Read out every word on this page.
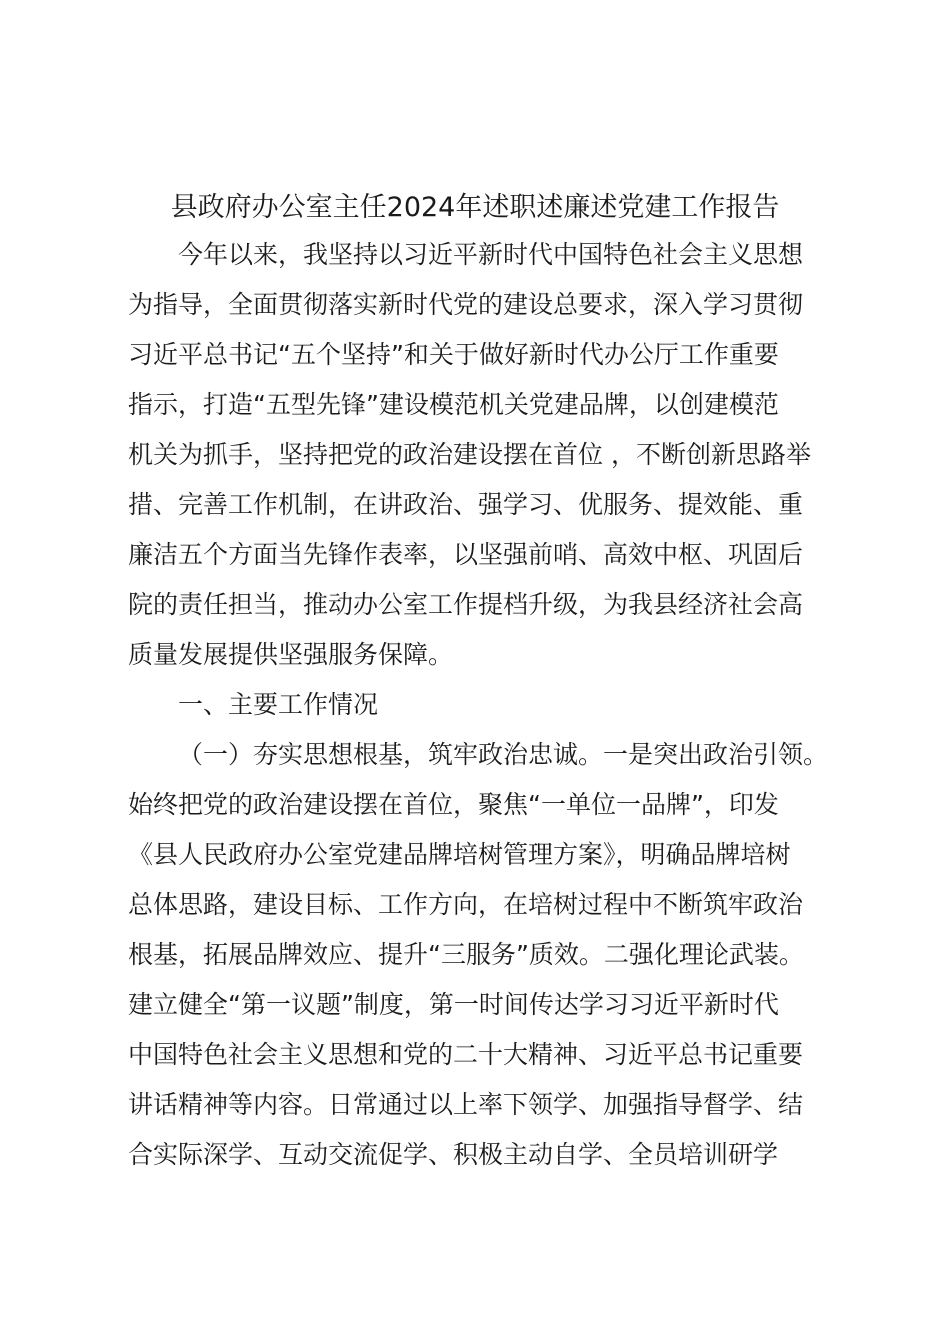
县政府办公室主任2024年述职述廉述党建工作报告
今年以来，我坚持以习近平新时代中国特色社会主义思想
为指导，全面贯彻落实新时代党的建设总要求，深入学习贯彻
习近平总书记“五个坚持”和关于做好新时代办公厅工作重要
指示，打造“五型先锋”建设模范机关党建品牌，以创建模范
机关为抓手，坚持把党的政治建设摆在首位 ，不断创新思路举
措、完善工作机制，在讲政治、强学习、优服务、提效能、重
廉洁五个方面当先锋作表率，以坚强前哨、高效中枢、巩固后
院的责任担当，推动办公室工作提档升级，为我县经济社会高
质量发展提供坚强服务保障。
一、主要工作情况
（一）夯实思想根基，筑牢政治忠诚。一是突出政治引领。
始终把党的政治建设摆在首位，聚焦“一单位一品牌”，印发
《县人民政府办公室党建品牌培树管理方案》，明确品牌培树
总体思路，建设目标、工作方向，在培树过程中不断筑牢政治
根基，拓展品牌效应、提升“三服务”质效。二强化理论武装。
建立健全“第一议题”制度，第一时间传达学习习近平新时代
中国特色社会主义思想和党的二十大精神、习近平总书记重要
讲话精神等内容。日常通过以上率下领学、加强指导督学、结
合实际深学、互动交流促学、积极主动自学、全员培训研学
